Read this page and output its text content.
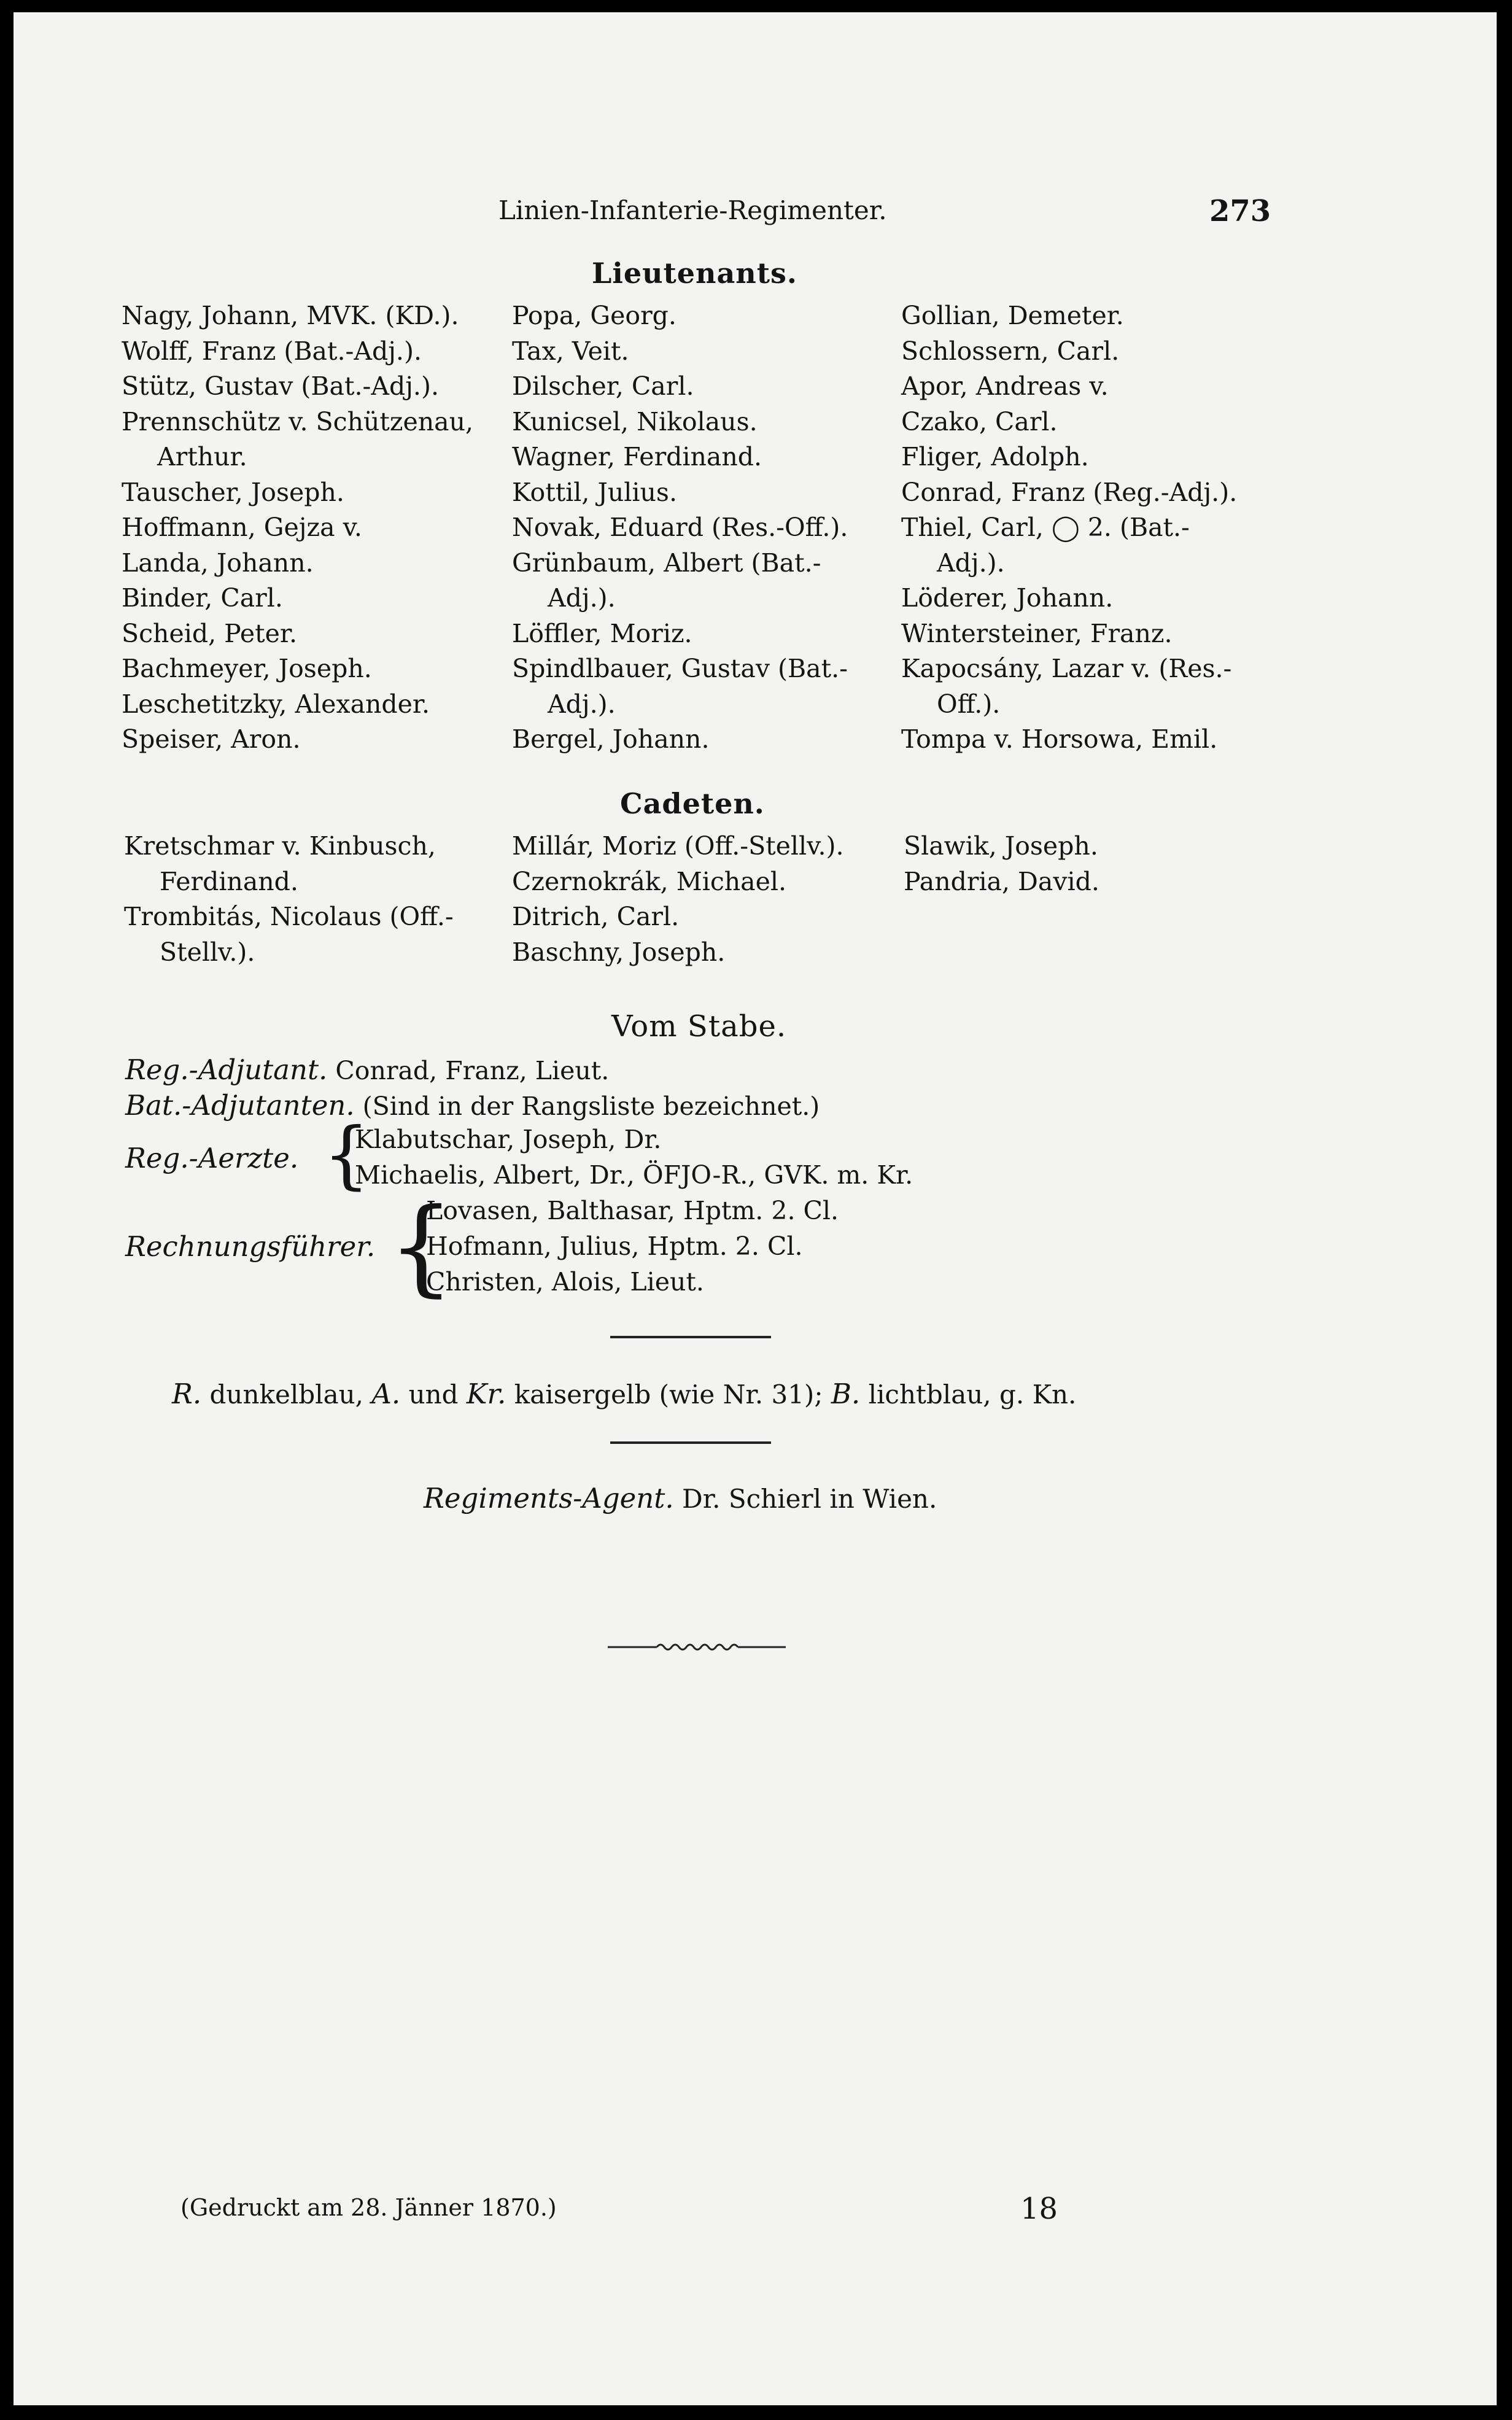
Linien-Infanterie-Regimenter.	273
Lieutenants.
Nagy, Johann, MVK. (KD.).
Wolff, Franz (Bat.-Adj.).
Stütz, Gustav (Bat.-Adj.).
Prennschütz v. Schützenau,
Arthur.
Tauscher, Joseph.
Hoffmann, Gejza v.
Landa, Johann.
Binder, Carl.
Scheid, Peter.
Bachmeyer, Joseph.
Leschetitzky, Alexander.
Speiser, Aron.
Popa, Georg.
Tax, Veit.
Dilscher, Carl.
Kunicsel, Nikolaus.
Wagner, Ferdinand.
Kottil, Julius.
Novak, Eduard (Res.-Off.).
Grünbaum, Albert (Bat.-
Adj.).
Löffler, Moriz.
Spindlbauer, Gustav (Bat.-
Adj.).
Bergel, Johann.
Gollian, Demeter.
Schlossern, Carl.
Apor, Andreas v.
Czako, Carl.
Fliger, Adolph.
Conrad, Franz (Reg.-Adj.).
Thiel, Carl, ◯ 2. (Bat.-
Adj.).
Löderer, Johann.
Wintersteiner, Franz.
Kapocsány, Lazar v. (Res.-
Off.).
Tompa v. Horsowa, Emil.
Cadeten.
Kretschmar v. Kinbusch,
Ferdinand.
Trombitás, Nicolaus (Off.-
Stellv.).
Millár, Moriz (Off.-Stellv.).
Czernokrák, Michael.
Ditrich, Carl.
Baschny, Joseph.
Slawik, Joseph.
Pandria, David.
Vom Stabe.
Reg.-Adjutant. Conrad, Franz, Lieut.
Bat.-Adjutanten. (Sind in der Rangsliste bezeichnet.)
Reg.-Aerzte. {
Klabutschar, Joseph, Dr.
Michaelis, Albert, Dr., ÖFJO-R., GVK. m. Kr.
Rechnungsführer. {
Lovasen, Balthasar, Hptm. 2. Cl.
Hofmann, Julius, Hptm. 2. Cl.
Christen, Alois, Lieut.
R. dunkelblau, A. und Kr. kaisergelb (wie Nr. 31); B. lichtblau, g. Kn.
Regiments-Agent. Dr. Schierl in Wien.
(Gedruckt am 28. Jänner 1870.)	18
